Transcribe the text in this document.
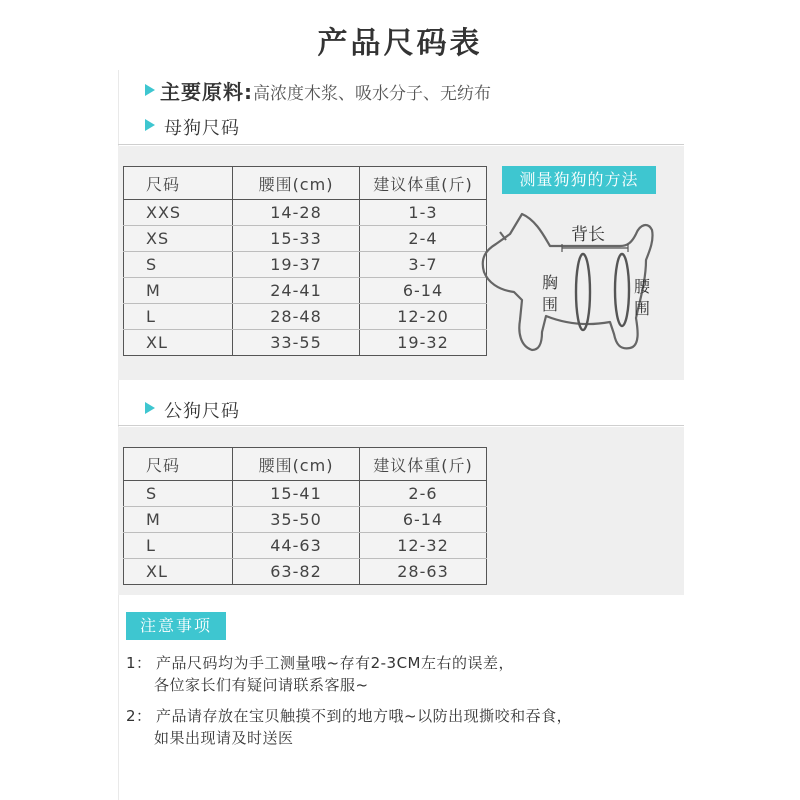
产品尺码表
主要原料:高浓度木浆、吸水分子、无纺布
母狗尺码
尺码	腰围(cm)	建议体重(斤)
XXS	14-28	1-3
XS	15-33	2-4
S	19-37	3-7
M	24-41	6-14
L	28-48	12-20
XL	33-55	19-32
测量狗狗的方法
背长
胸
围
腰
围
公狗尺码
尺码	腰围(cm)	建议体重(斤)
S	15-41	2-6
M	35-50	6-14
L	44-63	12-32
XL	63-82	28-63
注意事项
1： 产品尺码均为手工测量哦~存有2-3CM左右的误差，
各位家长们有疑问请联系客服~
2： 产品请存放在宝贝触摸不到的地方哦~以防出现撕咬和吞食，
如果出现请及时送医
